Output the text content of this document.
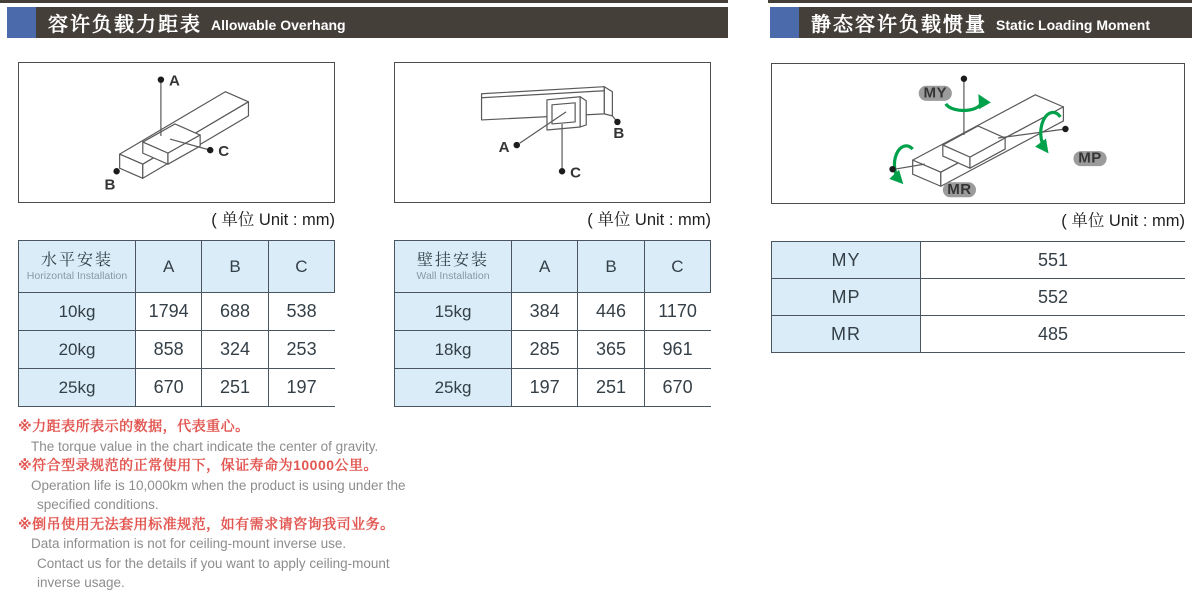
容许负载力距表 Allowable Overhang	静态容许负载惯量 Static Loading Moment
A
B
C
( 单位 Unit : mm)
A
B
C
( 单位 Unit : mm)
MY
MP
MR
( 单位 Unit : mm)
水平安装
Horizontal Installation	A	B	C
10kg	1794	688	538
20kg	858	324	253
25kg	670	251	197
壁挂安装
Wall Installation	A	B	C
15kg	384	446	1170
18kg	285	365	961
25kg	197	251	670
MY	551
MP	552
MR	485
※力距表所表示的数据，代表重心。
The torque value in the chart indicate the center of gravity.
※符合型录规范的正常使用下，保证寿命为10000公里。
Operation life is 10,000km when the product is using under the
specified conditions.
※倒吊使用无法套用标准规范，如有需求请咨询我司业务。
Data information is not for ceiling-mount inverse use.
Contact us for the details if you want to apply ceiling-mount
inverse usage.
